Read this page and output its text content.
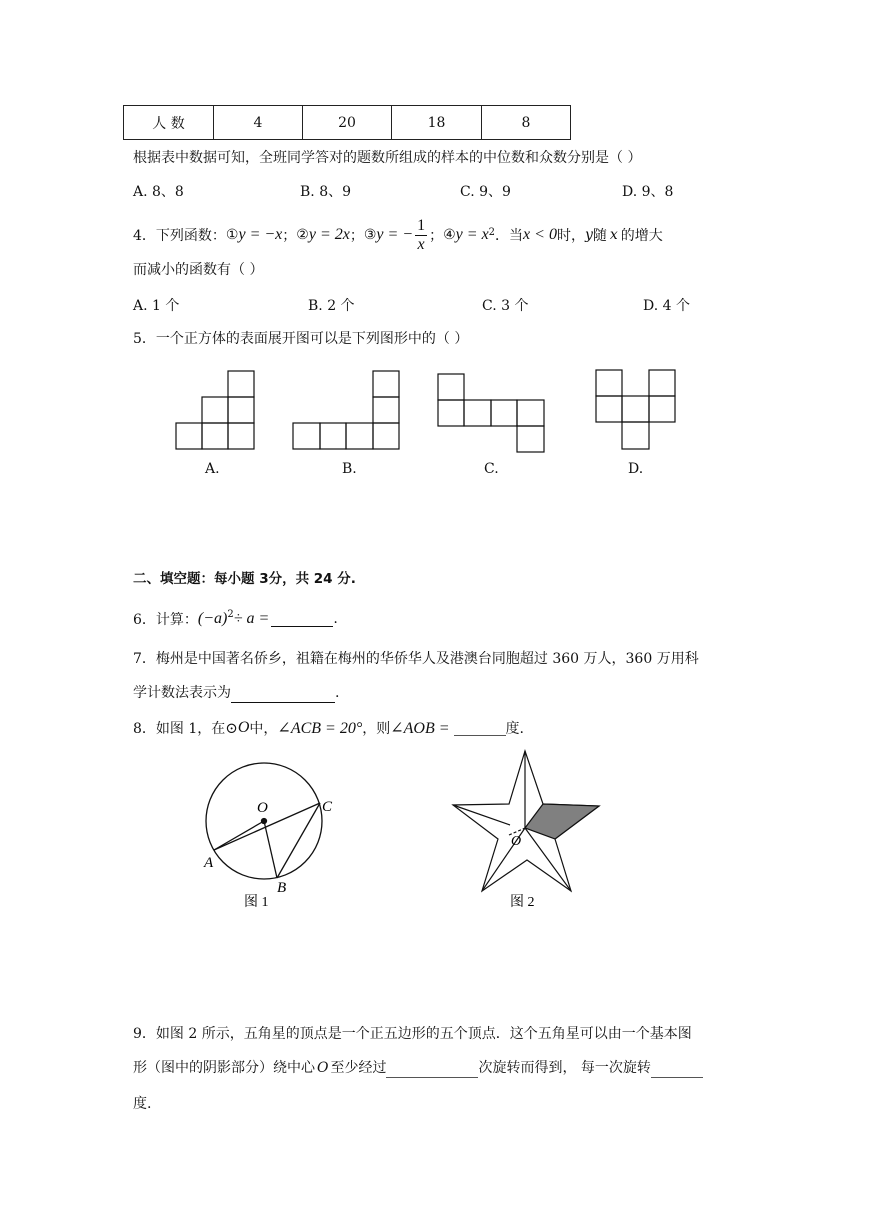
人 数	4	20	18	8
根据表中数据可知，全班同学答对的题数所组成的样本的中位数和众数分别是（ ）
A. 8、8	B. 8、9	C. 9、9	D. 9、8
4．下列函数： ① y = −x ； ② y = 2x ； ③ y = − $\frac{1}{x}$ ； ④ $y = x^2$ ．当 x < 0 时， y 随 x 的增大
而减小的函数有（ ）
A. 1 个	B. 2 个	C. 3 个	D. 4 个
5．一个正方体的表面展开图可以是下列图形中的（ ）
A.	B.	C.	D.
二、填空题：每小题 3分，共 24 分.
6．计算： $(-a)^2 \div a$ =	.
7．梅州是中国著名侨乡，祖籍在梅州的华侨华人及港澳台同胞超过 360 万人，360 万用科
学计数法表示为	.
8．如图 1，在 ⊙ O 中， ∠ACB = 20° ，则 ∠AOB =	度.
O
A
B
C
图 1
O
图 2
9．如图 2 所示，五角星的顶点是一个正五边形的五个顶点．这个五角星可以由一个基本图
形（图中的阴影部分）绕中心 O 至少经过	次旋转而得到， 每一次旋转
度.
